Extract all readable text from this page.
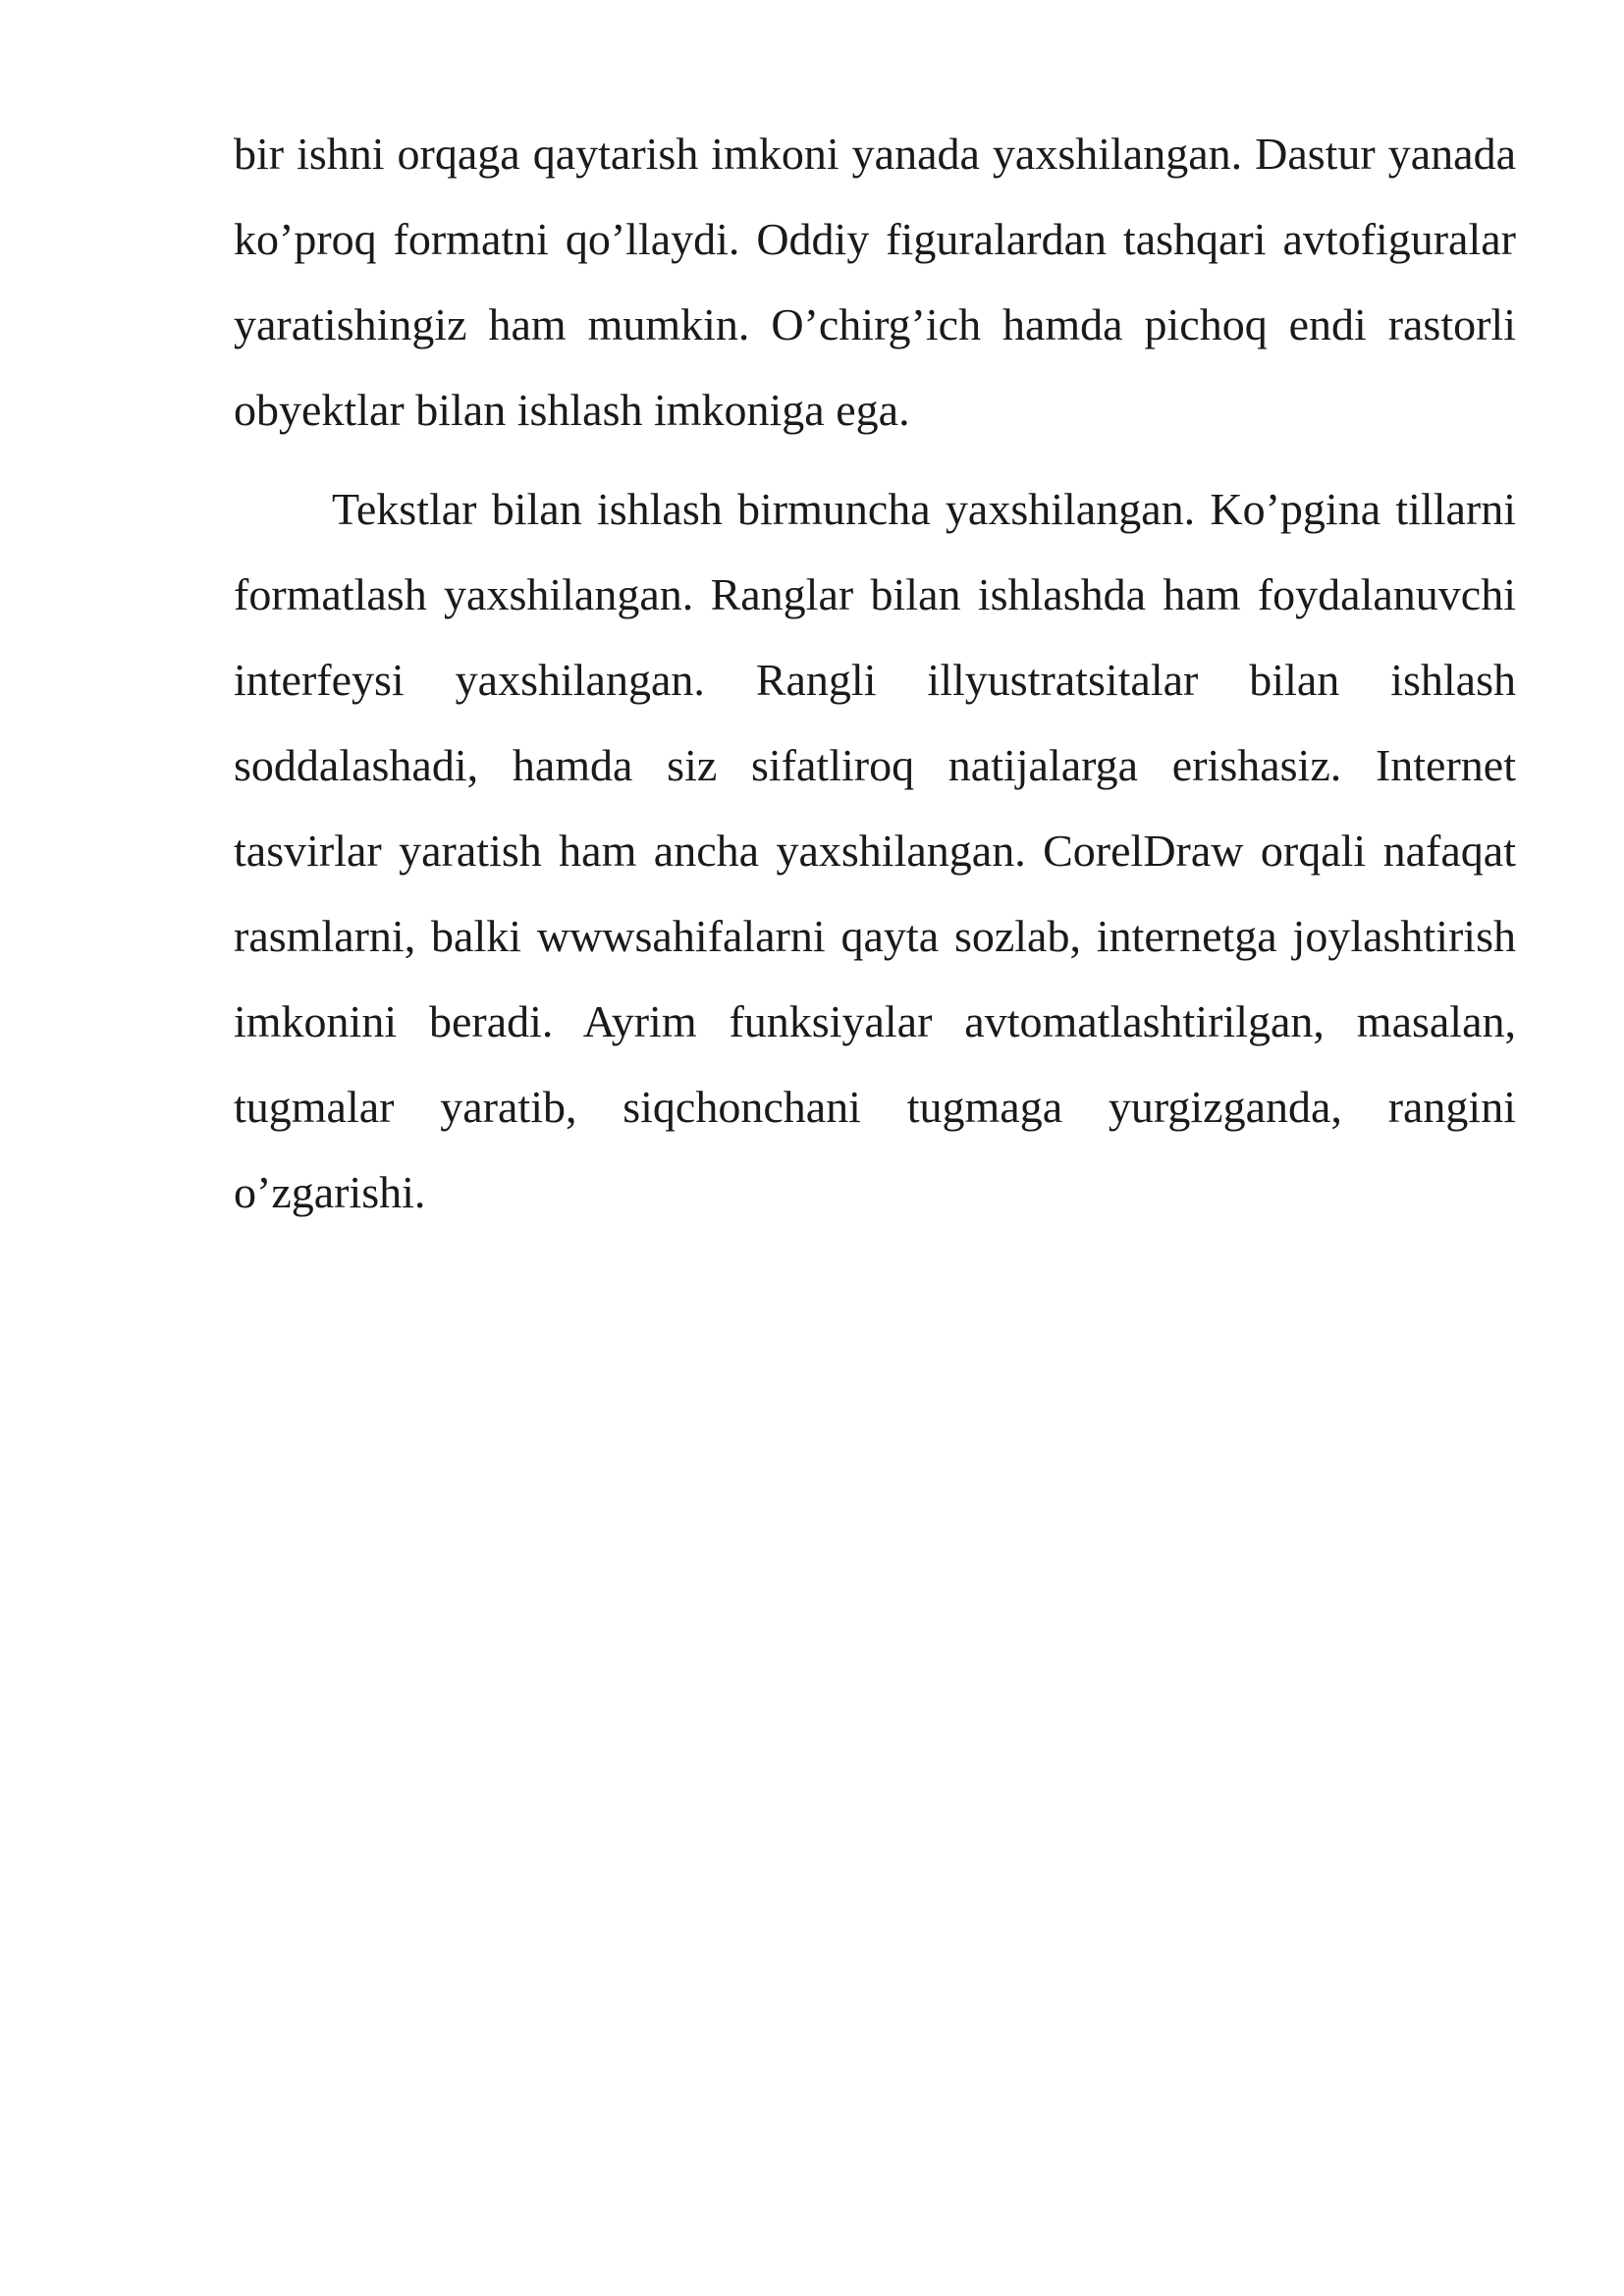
bir ishni orqaga qaytarish imkoni yanada yaxshilangan. Dastur yanada ko’proq formatni qo’llaydi. Oddiy figuralardan tashqari avtofiguralar yaratishingiz ham mumkin. O’chirg’ich hamda pichoq endi rastorli obyektlar bilan ishlash imkoniga ega.

Tekstlar bilan ishlash birmuncha yaxshilangan. Ko’pgina tillarni formatlash yaxshilangan. Ranglar bilan ishlashda ham foydalanuvchi interfeysi yaxshilangan. Rangli illyustratsitalar bilan ishlash soddalashadi, hamda siz sifatliroq natijalarga erishasiz. Internet tasvirlar yaratish ham ancha yaxshilangan. CorelDraw orqali nafaqat rasmlarni, balki wwwsahifalarni qayta sozlab, internetga joylashtirish imkonini beradi. Ayrim funksiyalar avtomatlashtirilgan, masalan, tugmalar yaratib, siqchonchani tugmaga yurgizganda, rangini o’zgarishi.
